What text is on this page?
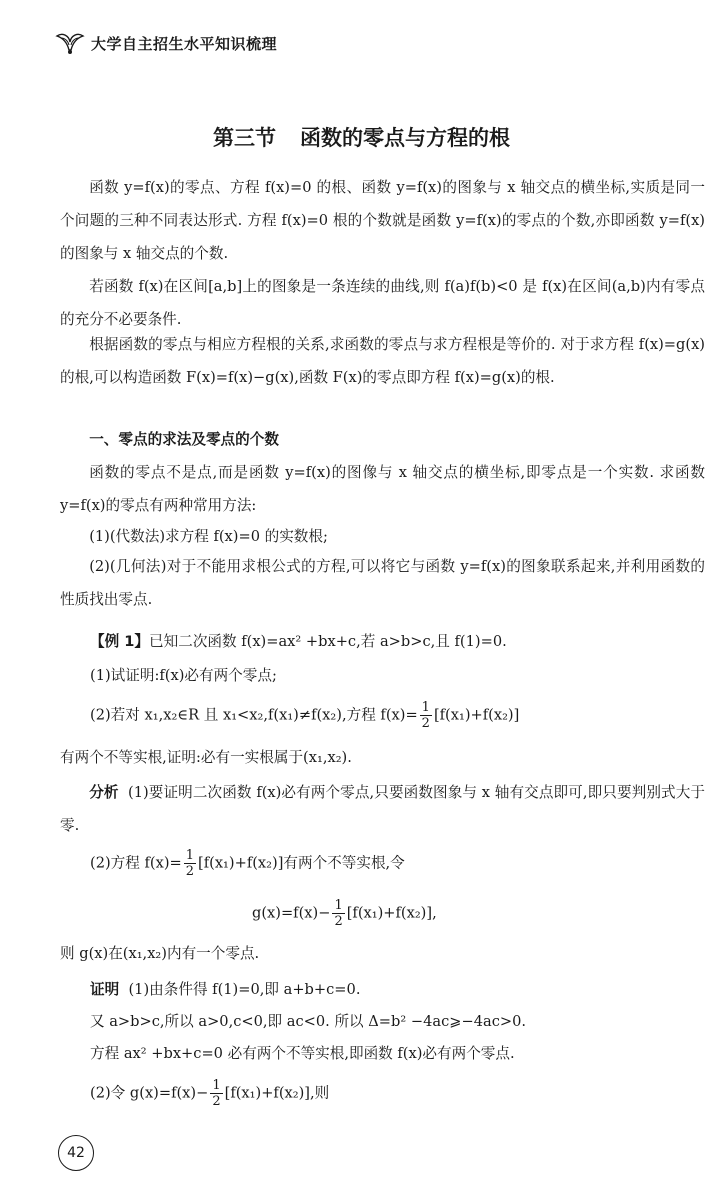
大学自主招生水平知识梳理
第三节 函数的零点与方程的根

函数 y=f(x)的零点、方程 f(x)=0 的根、函数 y=f(x)的图象与 x 轴交点的横坐标,实质是同一个问题的三种不同表达形式. 方程 f(x)=0 根的个数就是函数 y=f(x)的零点的个数,亦即函数 y=f(x)的图象与 x 轴交点的个数.

若函数 f(x)在区间[a,b]上的图象是一条连续的曲线,则 f(a)f(b)<0 是 f(x)在区间(a,b)内有零点的充分不必要条件.

根据函数的零点与相应方程根的关系,求函数的零点与求方程根是等价的. 对于求方程 f(x)=g(x)的根,可以构造函数 F(x)=f(x)−g(x),函数 F(x)的零点即方程 f(x)=g(x)的根.

一、零点的求法及零点的个数

函数的零点不是点,而是函数 y=f(x)的图像与 x 轴交点的横坐标,即零点是一个实数. 求函数 y=f(x)的零点有两种常用方法:

(1)(代数法)求方程 f(x)=0 的实数根;

(2)(几何法)对于不能用求根公式的方程,可以将它与函数 y=f(x)的图象联系起来,并利用函数的性质找出零点.

【例 1】已知二次函数 f(x)=ax² +bx+c,若 a>b>c,且 f(1)=0.
(1)试证明:f(x)必有两个零点;
(2)若对 x₁,x₂∈R 且 x₁<x₂,f(x₁)≠f(x₂),方程 $f(x)= \frac{1}{2} [f(x_1)+f(x_2)]$
有两个不等实根,证明:必有一实根属于(x₁,x₂).

分析 (1)要证明二次函数 f(x)必有两个零点,只要函数图象与 x 轴有交点即可,即只要判别式大于零.

(2)方程 $f(x)= \frac{1}{2} [f(x_1)+f(x_2)]$有两个不等实根,令
$g(x)=f(x)- \frac{1}{2} [f(x_1)+f(x_2)]$,
则 g(x)在(x₁,x₂)内有一个零点.
证明 (1)由条件得 f(1)=0,即 a+b+c=0.
又 a>b>c,所以 a>0,c<0,即 ac<0. 所以 Δ=b² −4ac⩾−4ac>0.
方程 ax² +bx+c=0 必有两个不等实根,即函数 f(x)必有两个零点.
(2)令 $g(x)=f(x)- \frac{1}{2} [f(x_1)+f(x_2)]$,则
42
